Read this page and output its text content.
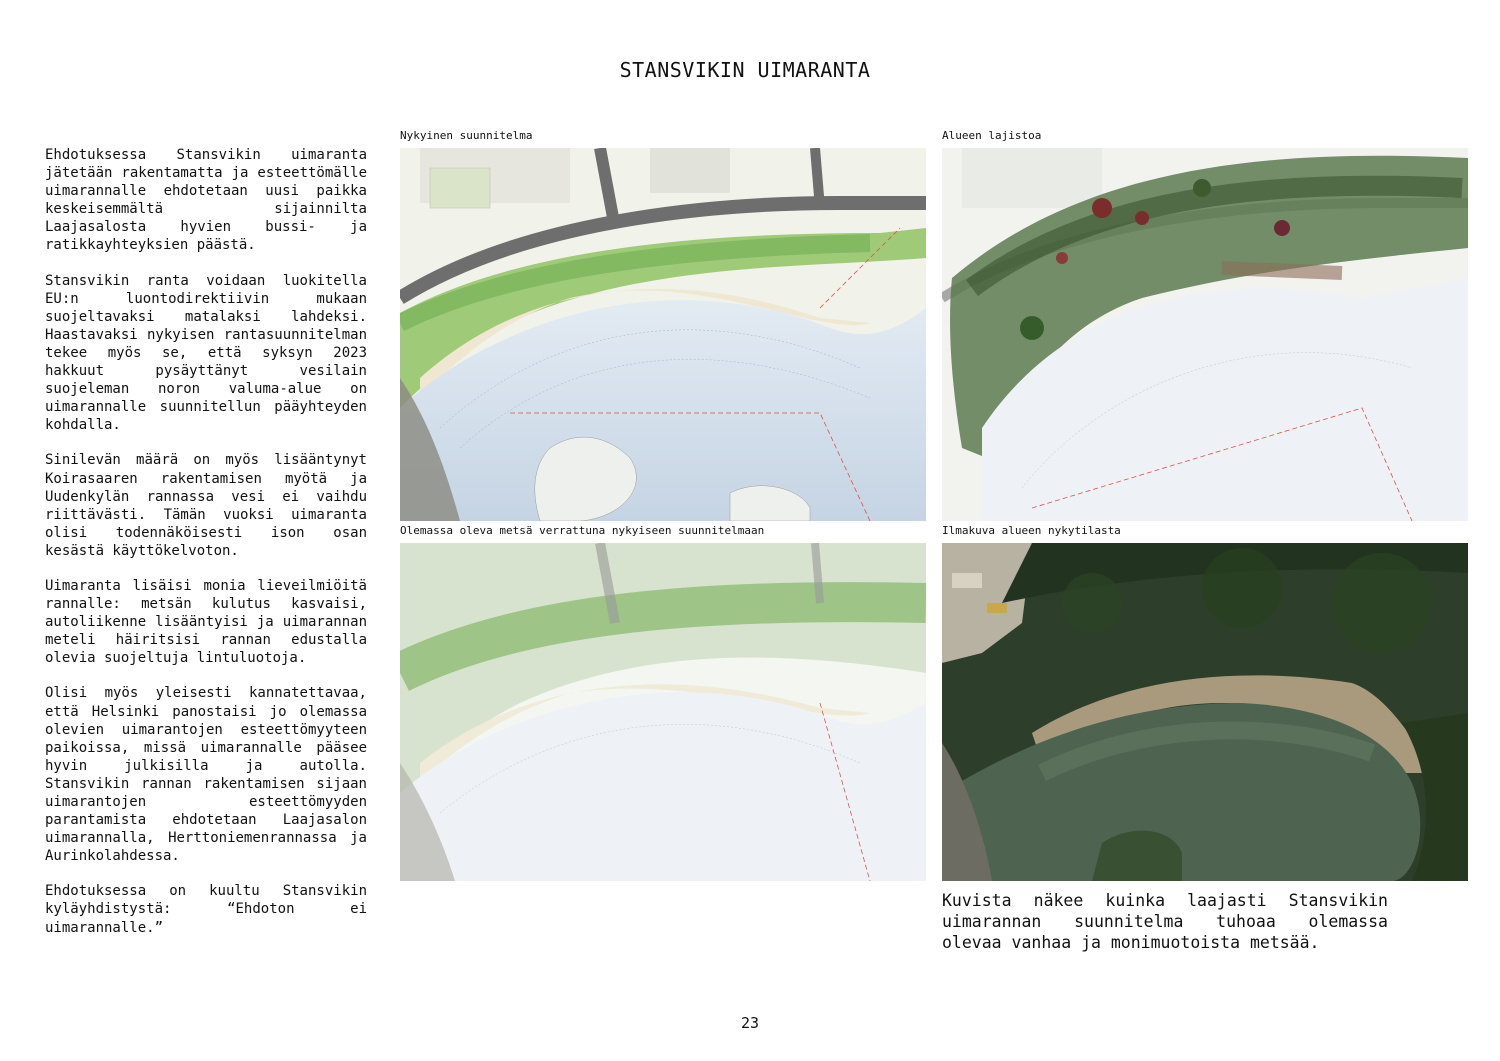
STANSVIKIN UIMARANTA

Ehdotuksessa Stansvikin uimaranta jätetään rakentamatta ja esteettömälle uimarannalle ehdotetaan uusi paikka keskeisemmältä sijainnilta Laajasalosta hyvien bussi- ja ratikkayhteyksien päästä.

Stansvikin ranta voidaan luokitella EU:n luontodirektiivin mukaan suojeltavaksi matalaksi lahdeksi. Haastavaksi nykyisen rantasuunnitelman tekee myös se, että syksyn 2023 hakkuut pysäyttänyt vesilain suojeleman noron valuma-alue on uimarannalle suunnitellun pääyhteyden kohdalla.

Sinilevän määrä on myös lisääntynyt Koirasaaren rakentamisen myötä ja Uudenkylän rannassa vesi ei vaihdu riittävästi. Tämän vuoksi uimaranta olisi todennäköisesti ison osan kesästä käyttökelvoton.

Uimaranta lisäisi monia lieveilmiöitä rannalle: metsän kulutus kasvaisi, autoliikenne lisääntyisi ja uimarannan meteli häiritsisi rannan edustalla olevia suojeltuja lintuluotoja.

Olisi myös yleisesti kannatettavaa, että Helsinki panostaisi jo olemassa olevien uimarantojen esteettömyyteen paikoissa, missä uimarannalle pääsee hyvin julkisilla ja autolla. Stansvikin rannan rakentamisen sijaan uimarantojen esteettömyyden parantamista ehdotetaan Laajasalon uimarannalla, Herttoniemenrannassa ja Aurinkolahdessa.

Ehdotuksessa on kuultu Stansvikin kyläyhdistystä: “Ehdoton ei uimarannalle.”

Nykyinen suunnitelma	Alueen lajistoa
Olemassa oleva metsä verrattuna nykyiseen suunnitelmaan	Ilmakuva alueen nykytilasta
Kuvista näkee kuinka laajasti Stansvikin uimarannan suunnitelma tuhoaa olemassa olevaa vanhaa ja monimuotoista metsää.
23
